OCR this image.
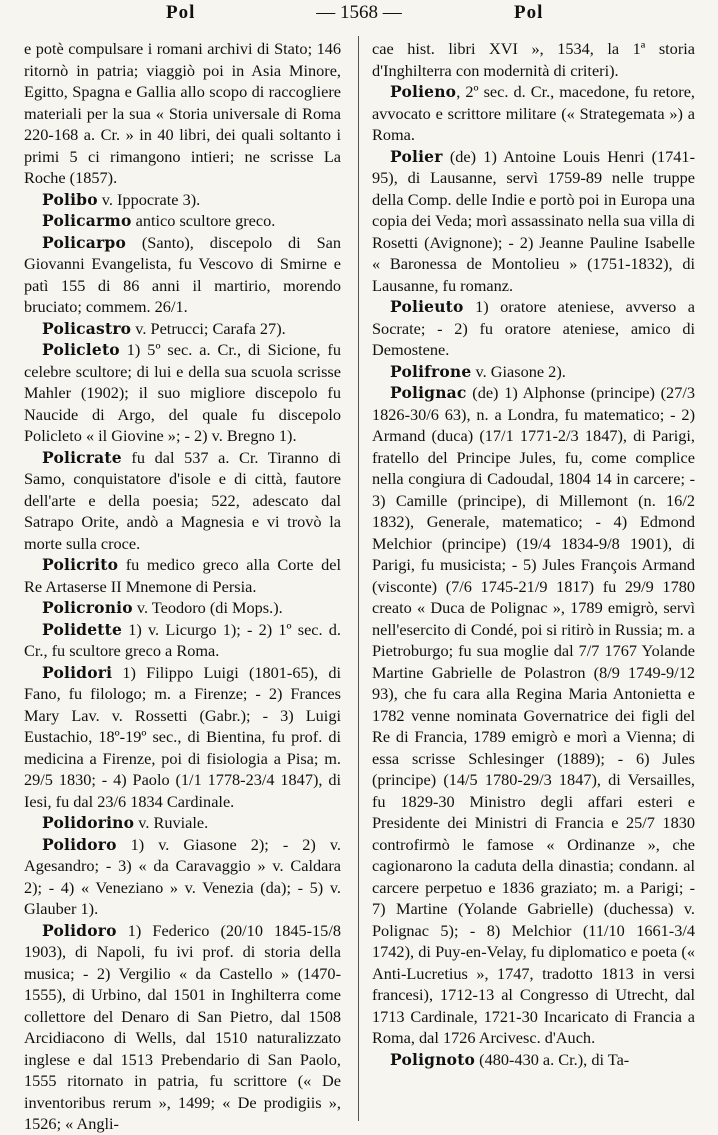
Pol	— 1568 —	Pol

e potè compulsare i romani archivi di Stato; 146 ritornò in patria; viaggiò poi in Asia Minore, Egitto, Spagna e Gallia allo scopo di raccogliere materiali per la sua « Storia universale di Roma 220-168 a. Cr. » in 40 libri, dei quali soltanto i primi 5 ci rimangono intieri; ne scrisse La Roche (1857).

Polibo v. Ippocrate 3).

Policarmo antico scultore greco.

Policarpo (Santo), discepolo di San Giovanni Evangelista, fu Vescovo di Smirne e patì 155 di 86 anni il martirio, morendo bruciato; commem. 26/1.

Policastro v. Petrucci; Carafa 27).

Policleto 1) 5º sec. a. Cr., di Sicione, fu celebre scultore; di lui e della sua scuola scrisse Mahler (1902); il suo migliore discepolo fu Naucide di Argo, del quale fu discepolo Policleto « il Giovine »; - 2) v. Bregno 1).

Policrate fu dal 537 a. Cr. Tiranno di Samo, conquistatore d'isole e di città, fautore dell'arte e della poesia; 522, adescato dal Satrapo Orite, andò a Magnesia e vi trovò la morte sulla croce.

Policrito fu medico greco alla Corte del Re Artaserse II Mnemone di Persia.

Policronio v. Teodoro (di Mops.).

Polidette 1) v. Licurgo 1); - 2) 1º sec. d. Cr., fu scultore greco a Roma.

Polidori 1) Filippo Luigi (1801-65), di Fano, fu filologo; m. a Firenze; - 2) Frances Mary Lav. v. Rossetti (Gabr.); - 3) Luigi Eustachio, 18º-19º sec., di Bientina, fu prof. di medicina a Firenze, poi di fisiologia a Pisa; m. 29/5 1830; - 4) Paolo (1/1 1778-23/4 1847), di Iesi, fu dal 23/6 1834 Cardinale.

Polidorino v. Ruviale.

Polidoro 1) v. Giasone 2); - 2) v. Agesandro; - 3) « da Caravaggio » v. Caldara 2); - 4) « Veneziano » v. Venezia (da); - 5) v. Glauber 1).

Polidoro 1) Federico (20/10 1845-15/8 1903), di Napoli, fu ivi prof. di storia della musica; - 2) Vergilio « da Castello » (1470-1555), di Urbino, dal 1501 in Inghilterra come collettore del Denaro di San Pietro, dal 1508 Arcidiacono di Wells, dal 1510 naturalizzato inglese e dal 1513 Prebendario di San Paolo, 1555 ritornato in patria, fu scrittore (« De inventoribus rerum », 1499; « De prodigiis », 1526; « Angli-

cae hist. libri XVI », 1534, la 1ª storia d'Inghilterra con modernità di criteri).

Polieno, 2º sec. d. Cr., macedone, fu retore, avvocato e scrittore militare (« Strategemata ») a Roma.

Polier (de) 1) Antoine Louis Henri (1741-95), di Lausanne, servì 1759-89 nelle truppe della Comp. delle Indie e portò poi in Europa una copia dei Veda; morì assassinato nella sua villa di Rosetti (Avignone); - 2) Jeanne Pauline Isabelle « Baronessa de Montolieu » (1751-1832), di Lausanne, fu romanz.

Polieuto 1) oratore ateniese, avverso a Socrate; - 2) fu oratore ateniese, amico di Demostene.

Polifrone v. Giasone 2).

Polignac (de) 1) Alphonse (principe) (27/3 1826-30/6 63), n. a Londra, fu matematico; - 2) Armand (duca) (17/1 1771-2/3 1847), di Parigi, fratello del Principe Jules, fu, come complice nella congiura di Cadoudal, 1804 14 in carcere; - 3) Camille (principe), di Millemont (n. 16/2 1832), Generale, matematico; - 4) Edmond Melchior (principe) (19/4 1834-9/8 1901), di Parigi, fu musicista; - 5) Jules François Armand (visconte) (7/6 1745-21/9 1817) fu 29/9 1780 creato « Duca de Polignac », 1789 emigrò, servì nell'esercito di Condé, poi si ritirò in Russia; m. a Pietroburgo; fu sua moglie dal 7/7 1767 Yolande Martine Gabrielle de Polastron (8/9 1749-9/12 93), che fu cara alla Regina Maria Antonietta e 1782 venne nominata Governatrice dei figli del Re di Francia, 1789 emigrò e morì a Vienna; di essa scrisse Schlesinger (1889); - 6) Jules (principe) (14/5 1780-29/3 1847), di Versailles, fu 1829-30 Ministro degli affari esteri e Presidente dei Ministri di Francia e 25/7 1830 controfirmò le famose « Ordinanze », che cagionarono la caduta della dinastia; condann. al carcere perpetuo e 1836 graziato; m. a Parigi; - 7) Martine (Yolande Gabrielle) (duchessa) v. Polignac 5); - 8) Melchior (11/10 1661-3/4 1742), di Puy-en-Velay, fu diplomatico e poeta (« Anti-Lucretius », 1747, tradotto 1813 in versi francesi), 1712-13 al Congresso di Utrecht, dal 1713 Cardinale, 1721-30 Incaricato di Francia a Roma, dal 1726 Arcivesc. d'Auch.

Polignoto (480-430 a. Cr.), di Ta-
